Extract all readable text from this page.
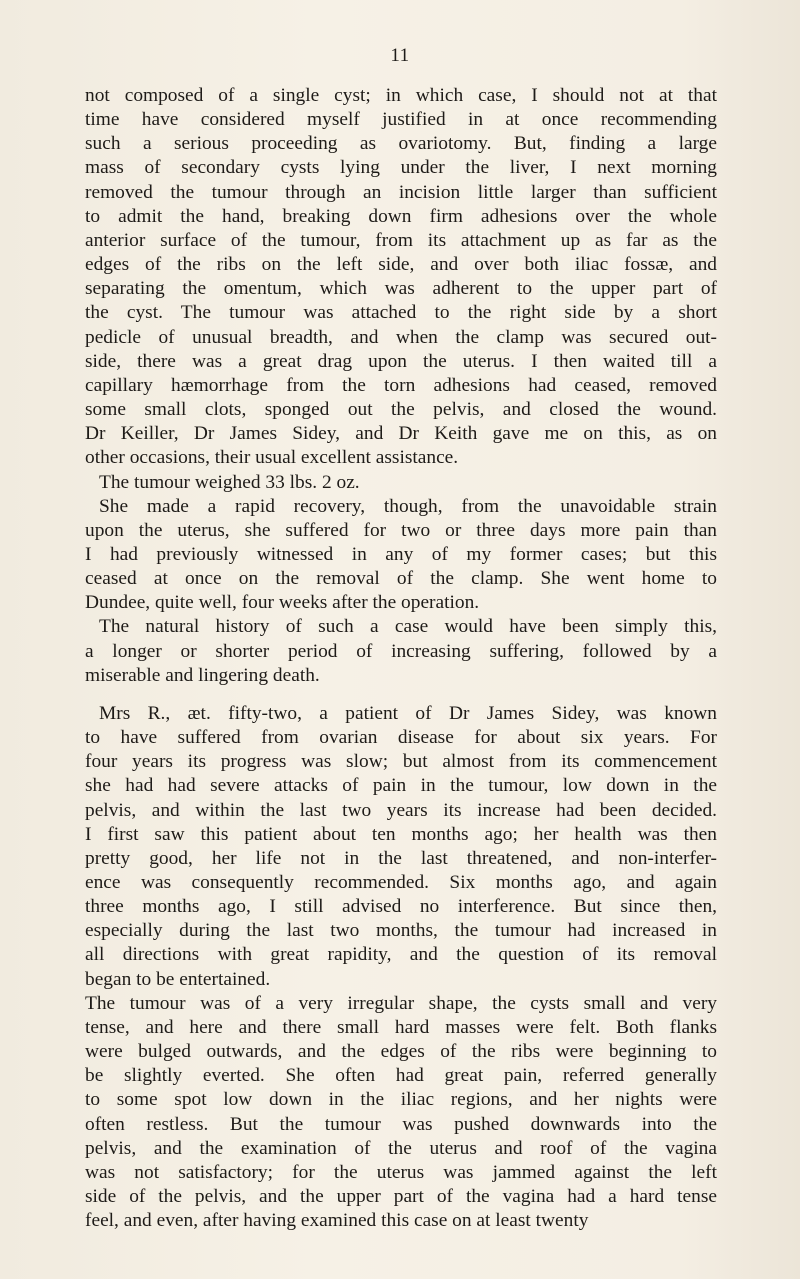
11

not composed of a single cyst; in which case, I should not at that
time have considered myself justified in at once recommending
such a serious proceeding as ovariotomy. But, finding a large
mass of secondary cysts lying under the liver, I next morning
removed the tumour through an incision little larger than sufficient
to admit the hand, breaking down firm adhesions over the whole
anterior surface of the tumour, from its attachment up as far as the
edges of the ribs on the left side, and over both iliac fossæ, and
separating the omentum, which was adherent to the upper part of
the cyst. The tumour was attached to the right side by a short
pedicle of unusual breadth, and when the clamp was secured out-
side, there was a great drag upon the uterus. I then waited till a
capillary hæmorrhage from the torn adhesions had ceased, removed
some small clots, sponged out the pelvis, and closed the wound.
Dr Keiller, Dr James Sidey, and Dr Keith gave me on this, as on
other occasions, their usual excellent assistance.

The tumour weighed 33 lbs. 2 oz.

She made a rapid recovery, though, from the unavoidable strain
upon the uterus, she suffered for two or three days more pain than
I had previously witnessed in any of my former cases; but this
ceased at once on the removal of the clamp. She went home to
Dundee, quite well, four weeks after the operation.

The natural history of such a case would have been simply this,
a longer or shorter period of increasing suffering, followed by a
miserable and lingering death.

Mrs R., æt. fifty-two, a patient of Dr James Sidey, was known
to have suffered from ovarian disease for about six years. For
four years its progress was slow; but almost from its commencement
she had had severe attacks of pain in the tumour, low down in the
pelvis, and within the last two years its increase had been decided.
I first saw this patient about ten months ago; her health was then
pretty good, her life not in the last threatened, and non-interfer-
ence was consequently recommended. Six months ago, and again
three months ago, I still advised no interference. But since then,
especially during the last two months, the tumour had increased in
all directions with great rapidity, and the question of its removal
began to be entertained.

The tumour was of a very irregular shape, the cysts small and very
tense, and here and there small hard masses were felt. Both flanks
were bulged outwards, and the edges of the ribs were beginning to
be slightly everted. She often had great pain, referred generally
to some spot low down in the iliac regions, and her nights were
often restless. But the tumour was pushed downwards into the
pelvis, and the examination of the uterus and roof of the vagina
was not satisfactory; for the uterus was jammed against the left
side of the pelvis, and the upper part of the vagina had a hard tense
feel, and even, after having examined this case on at least twenty
